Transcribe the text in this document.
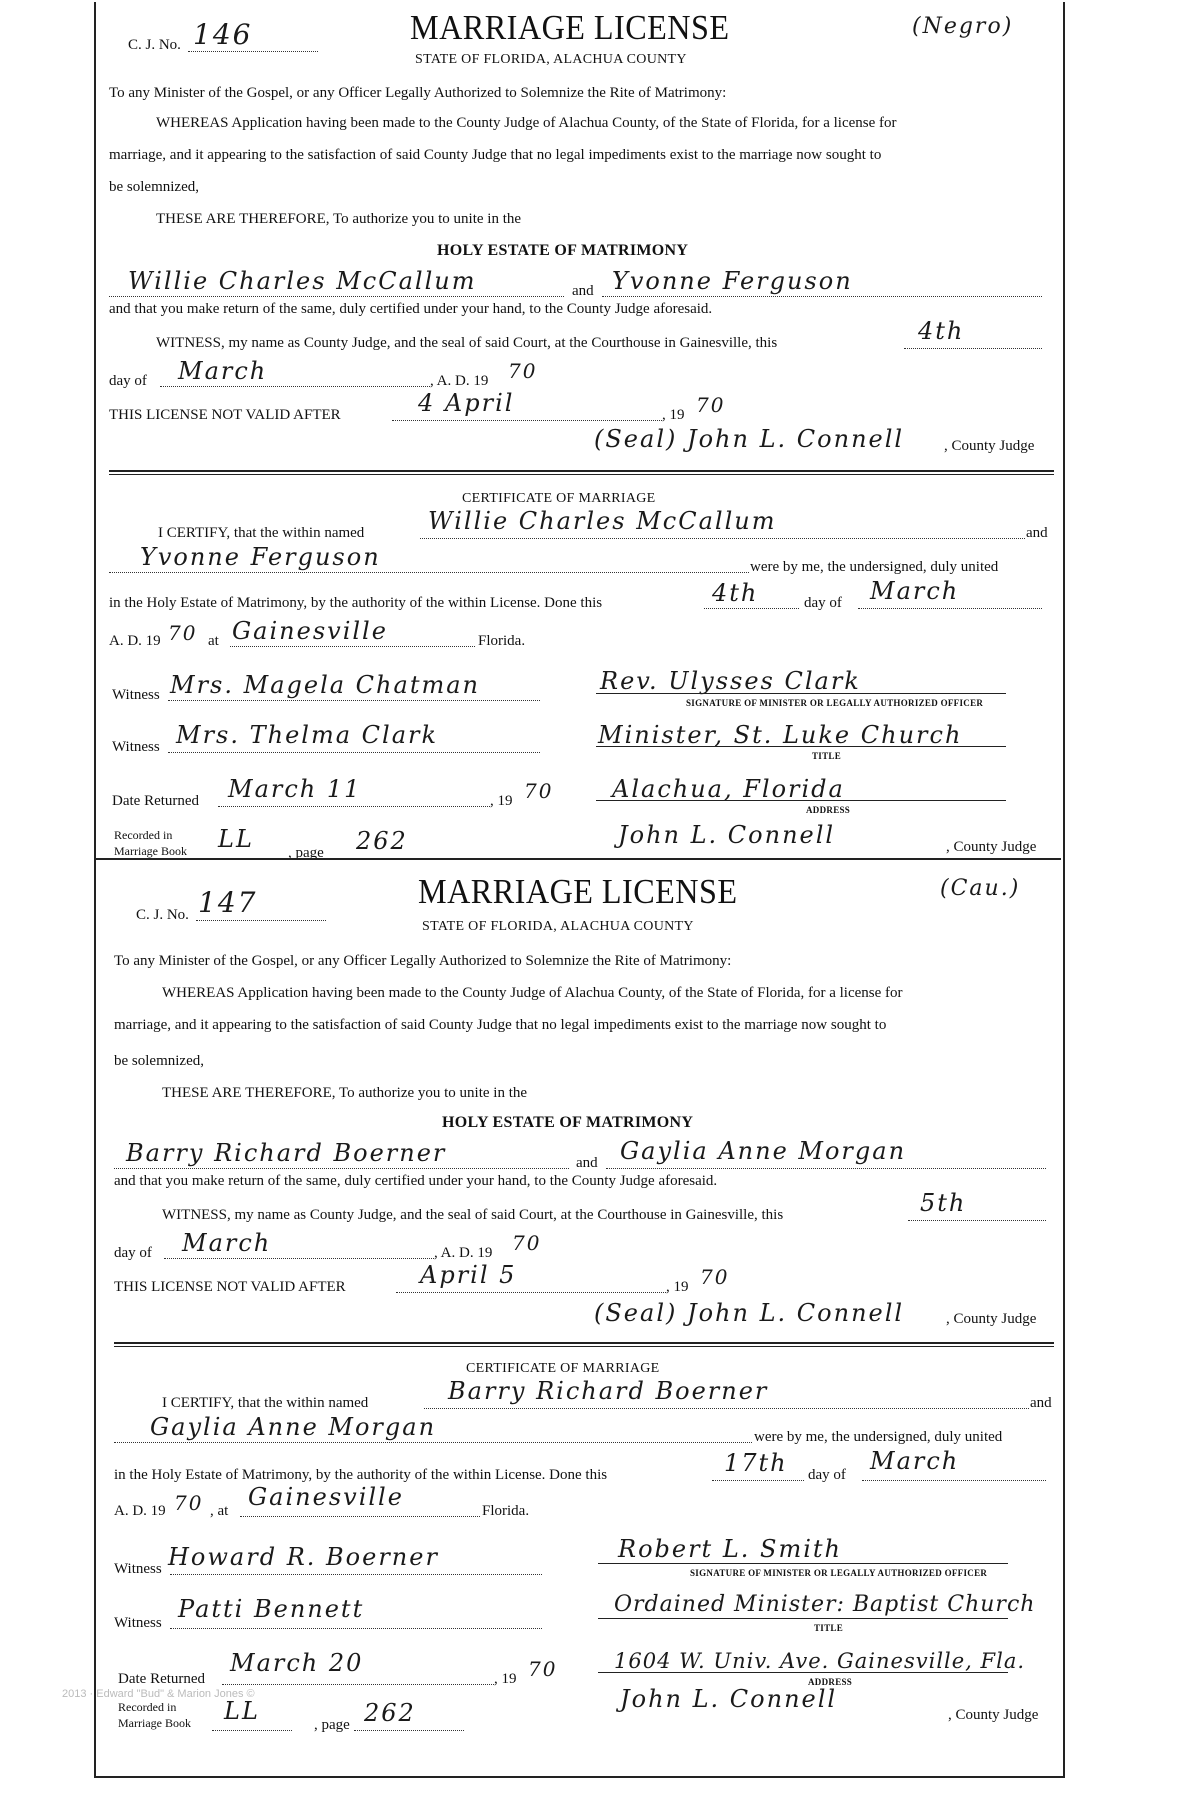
C. J. No. 146	MARRIAGE LICENSE
STATE OF FLORIDA, ALACHUA COUNTY
(Negro)
To any Minister of the Gospel, or any Officer Legally Authorized to Solemnize the Rite of Matrimony:
WHEREAS Application having been made to the County Judge of Alachua County, of the State of Florida, for a license for
marriage, and it appearing to the satisfaction of said County Judge that no legal impediments exist to the marriage now sought to
be solemnized,
THESE ARE THEREFORE, To authorize you to unite in the
HOLY ESTATE OF MATRIMONY
Willie Charles McCallum	and Yvonne Ferguson
and that you make return of the same, duly certified under your hand, to the County Judge aforesaid.
WITNESS, my name as County Judge, and the seal of said Court, at the Courthouse in Gainesville, this	4th
day of March	, A. D. 19 70
THIS LICENSE NOT VALID AFTER	4 April	, 19 70
(Seal) John L. Connell	, County Judge
CERTIFICATE OF MARRIAGE
I CERTIFY, that the within named	Willie Charles McCallum	and
Yvonne Ferguson	were by me, the undersigned, duly united
in the Holy Estate of Matrimony, by the authority of the within License. Done this	4th	day of March
A. D. 19 70 at Gainesville	Florida.
Witness Mrs. Magela Chatman	Rev. Ulysses Clark
SIGNATURE OF MINISTER OR LEGALLY AUTHORIZED OFFICER
Witness Mrs. Thelma Clark	Minister, St. Luke Church
TITLE
Date Returned March 11	, 19 70 Alachua, Florida
ADDRESS
Recorded in
Marriage Book LL , page 262	John L. Connell	, County Judge
C. J. No. 147	MARRIAGE LICENSE
STATE OF FLORIDA, ALACHUA COUNTY
(Cau.)
To any Minister of the Gospel, or any Officer Legally Authorized to Solemnize the Rite of Matrimony:
WHEREAS Application having been made to the County Judge of Alachua County, of the State of Florida, for a license for
marriage, and it appearing to the satisfaction of said County Judge that no legal impediments exist to the marriage now sought to
be solemnized,
THESE ARE THEREFORE, To authorize you to unite in the
HOLY ESTATE OF MATRIMONY
Barry Richard Boerner	and Gaylia Anne Morgan
and that you make return of the same, duly certified under your hand, to the County Judge aforesaid.
WITNESS, my name as County Judge, and the seal of said Court, at the Courthouse in Gainesville, this	5th
day of March	, A. D. 19 70
THIS LICENSE NOT VALID AFTER	April 5	, 19 70
(Seal) John L. Connell	, County Judge
CERTIFICATE OF MARRIAGE
I CERTIFY, that the within named	Barry Richard Boerner	and
Gaylia Anne Morgan	were by me, the undersigned, duly united
in the Holy Estate of Matrimony, by the authority of the within License. Done this	17th day of March
A. D. 19 70 , at Gainesville	Florida.
Witness Howard R. Boerner	Robert L. Smith
SIGNATURE OF MINISTER OR LEGALLY AUTHORIZED OFFICER
Witness Patti Bennett	Ordained Minister: Baptist Church
TITLE
Date Returned
March 20
, 19 70	1604 W. Univ. Ave. Gainesville, Fla.
ADDRESS
Recorded in
Marriage Book LL	, page 262	John L. Connell
, County Judge
2013 · Edward "Bud" & Marion Jones ©
